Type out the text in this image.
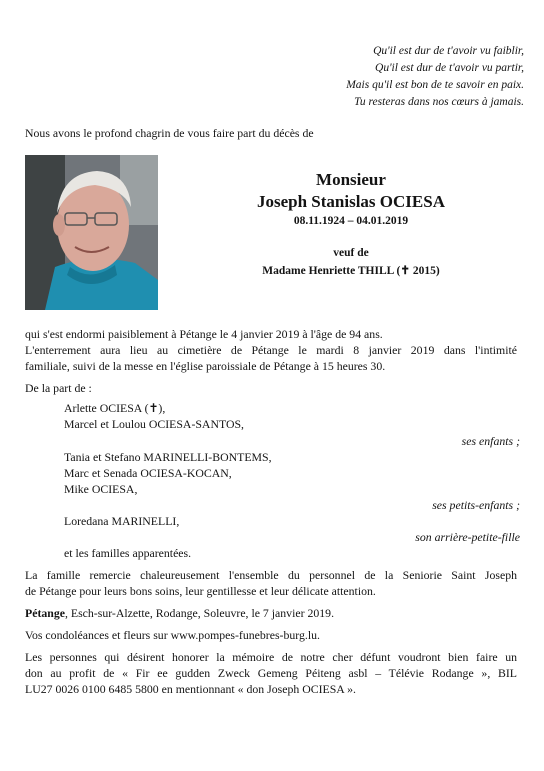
Qu'il est dur de t'avoir vu faiblir,
Qu'il est dur de t'avoir vu partir,
Mais qu'il est bon de te savoir en paix.
Tu resteras dans nos cœurs à jamais.
Nous avons le profond chagrin de vous faire part du décès de
Monsieur
Joseph Stanislas OCIESA
08.11.1924 – 04.01.2019
veuf de
Madame Henriette THILL (✝ 2015)
qui s'est endormi paisiblement à Pétange le 4 janvier 2019 à l'âge de 94 ans.
L'enterrement aura lieu au cimetière de Pétange le mardi 8 janvier 2019 dans l'intimité
familiale, suivi de la messe en l'église paroissiale de Pétange à 15 heures 30.
De la part de :
Arlette OCIESA (✝),
Marcel et Loulou OCIESA-SANTOS,
ses enfants ;
Tania et Stefano MARINELLI-BONTEMS,
Marc et Senada OCIESA-KOCAN,
Mike OCIESA,
ses petits-enfants ;
Loredana MARINELLI,
son arrière-petite-fille
et les familles apparentées.
La famille remercie chaleureusement l'ensemble du personnel de la Seniorie Saint Joseph
de Pétange pour leurs bons soins, leur gentillesse et leur délicate attention.
Pétange, Esch-sur-Alzette, Rodange, Soleuvre, le 7 janvier 2019.
Vos condoléances et fleurs sur www.pompes-funebres-burg.lu.
Les personnes qui désirent honorer la mémoire de notre cher défunt voudront bien faire un
don au profit de « Fir ee gudden Zweck Gemeng Péiteng asbl – Télévie Rodange », BIL
LU27 0026 0100 6485 5800 en mentionnant « don Joseph OCIESA ».
